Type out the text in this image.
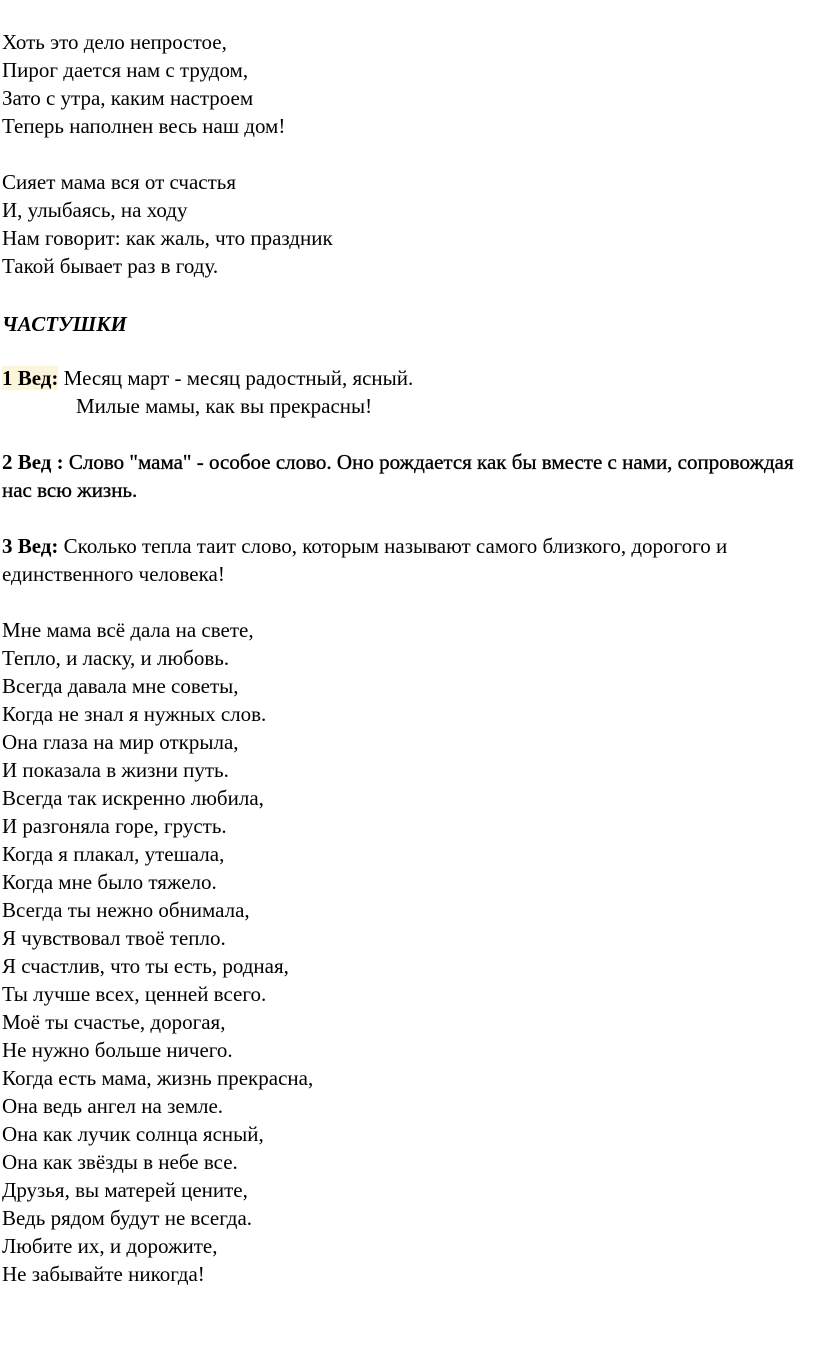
Хоть это дело непростое,
Пирог дается нам с трудом,
Зато с утра, каким настроем
Теперь наполнен весь наш дом!
Сияет мама вся от счастья
И, улыбаясь, на ходу
Нам говорит: как жаль, что праздник
Такой бывает раз в году.
ЧАСТУШКИ
1 Вед: Месяц март - месяц радостный, ясный.
Милые мамы, как вы прекрасны!
2 Вед : Слово "мама" - особое слово. Оно рождается как бы вместе с нами, сопровождая нас всю жизнь.
3 Вед: Сколько тепла таит слово, которым называют самого близкого, дорогого и единственного человека!
Мне мама всё дала на свете,
Тепло, и ласку, и любовь.
Всегда давала мне советы,
Когда не знал я нужных слов.
Она глаза на мир открыла,
И показала в жизни путь.
Всегда так искренно любила,
И разгоняла горе, грусть.
Когда я плакал, утешала,
Когда мне было тяжело.
Всегда ты нежно обнимала,
Я чувствовал твоё тепло.
Я счастлив, что ты есть, родная,
Ты лучше всех, ценней всего.
Моё ты счастье, дорогая,
Не нужно больше ничего.
Когда есть мама, жизнь прекрасна,
Она ведь ангел на земле.
Она как лучик солнца ясный,
Она как звёзды в небе все.
Друзья, вы матерей цените,
Ведь рядом будут не всегда.
Любите их, и дорожите,
Не забывайте никогда!
